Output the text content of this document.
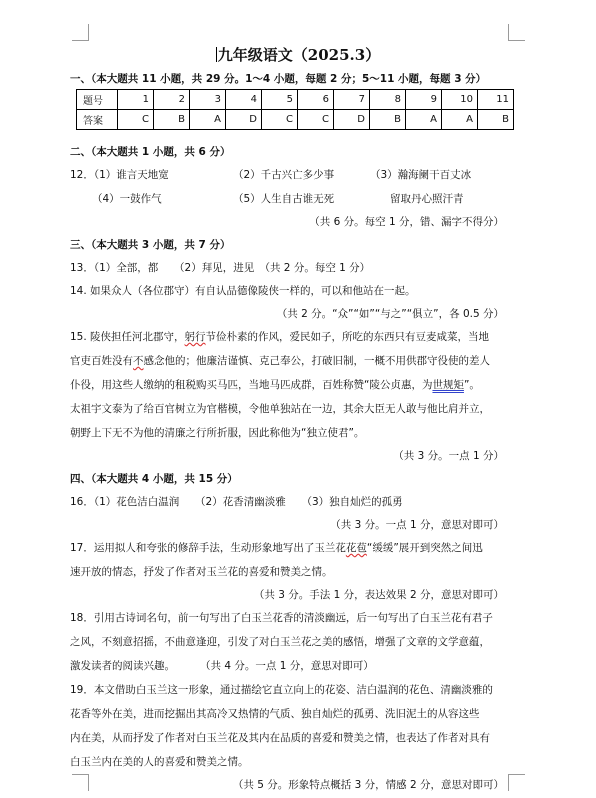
九年级语文（2025.3）
一、（本大题共 11 小题，共 29 分。1～4 小题，每题 2 分；5～11 小题，每题 3 分）
题号	1	2	3	4	5	6	7	8	9	10	11
答案	C	B	A	D	C	C	D	B	A	A	B
二、（本大题共 1 小题，共 6 分）
12．（1）谁言天地宽	（2）千古兴亡多少事	（3）瀚海阑干百丈冰
（4）一鼓作气	（5）人生自古谁无死	留取丹心照汗青
（共 6 分。每空 1 分，错、漏字不得分）
三、（本大题共 3 小题，共 7 分）
13．（1）全部，都　　（2）拜见，进见　（共 2 分。每空 1 分）
14. 如果众人（各位郡守）有自认品德像陵侠一样的，可以和他站在一起。
（共 2 分。“众”“如”“与之”“俱立”，各 0.5 分）
15. 陵侠担任河北郡守，躬行节俭朴素的作风，爱民如子，所吃的东西只有豆麦咸菜，当地
官吏百姓没有不感念他的；他廉洁谨慎、克己奉公，打破旧制，一概不用供郡守役使的差人
仆役，用这些人缴纳的租税购买马匹，当地马匹成群，百姓称赞“陵公贞惠，为世规矩”。
太祖宇文泰为了给百官树立为官楷模，令他单独站在一边，其余大臣无人敢与他比肩并立，
朝野上下无不为他的清廉之行所折服，因此称他为“独立使君”。
（共 3 分。一点 1 分）
四、（本大题共 4 小题，共 15 分）
16．（1）花色洁白温润　　（2）花香清幽淡雅　　（3）独自灿烂的孤勇
（共 3 分。一点 1 分，意思对即可）
17．运用拟人和夸张的修辞手法，生动形象地写出了玉兰花花苞“缓缓”展开到突然之间迅
速开放的情态，抒发了作者对玉兰花的喜爱和赞美之情。
（共 3 分。手法 1 分，表达效果 2 分，意思对即可）
18．引用古诗词名句，前一句写出了白玉兰花香的清淡幽远，后一句写出了白玉兰花有君子
之风，不刻意招摇，不曲意逢迎，引发了对白玉兰花之美的感悟，增强了文章的文学意蕴，
激发读者的阅读兴趣。 （共 4 分。一点 1 分，意思对即可）
19．本文借助白玉兰这一形象，通过描绘它直立向上的花姿、洁白温润的花色、清幽淡雅的
花香等外在美，进而挖掘出其高冷又热情的气质、独自灿烂的孤勇、洗旧泥土的从容这些
内在美，从而抒发了作者对白玉兰花及其内在品质的喜爱和赞美之情，也表达了作者对具有
白玉兰内在美的人的喜爱和赞美之情。
（共 5 分。形象特点概括 3 分，情感 2 分，意思对即可）
